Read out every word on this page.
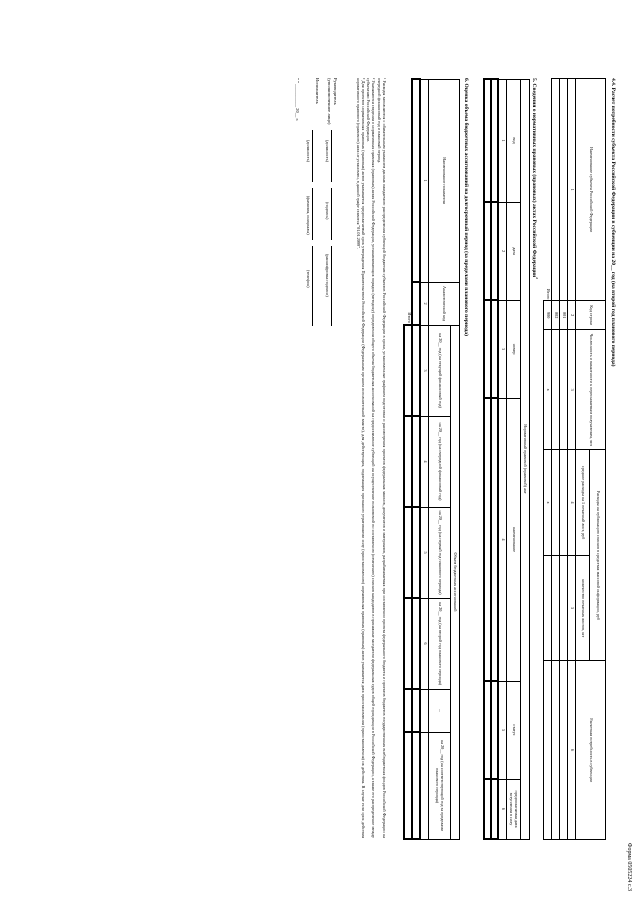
Форма 0505224 с.3
4.4. Расчет потребности субъекта Российской Федерации в субвенции на 20__ год (на второй год планового периода)
Наименование субъекта Российской Федерации	Код строки	Численность и вакантности к пересылаемым получателям, чел	Расходы на публикацию списков в средствах массовой информации, руб		Расчетная потребность в субвенции
			средние расходы на 1 печатный лист, руб	количество печатных листов, шт	
1	2	3	4	5	6
	001				
	002				
Итого	900	x	x		
5. Сведения о нормативных правовых (правовых) актах Российской Федерации$^2$
Нормативный правовой (правовой) акт					
вид	дата	номер	наименование	статус	предполагаемая дата вступления в силу
1	2	3	4	5	6

6. Оценка объема бюджетных ассигнований на долгосрочный период (за пределами планового периода)
Наименование показателя	Аналитический код	Объем бюджетных ассигнований					
		на 20__ год (на текущий финансовый год)	на 20__ год (на очередной финансовый год)	на 20__ год (на первый год планового периода)	на 20__ год (на второй год планового периода)	...	на 20__ год (на соответствующий год за пределами планового периода)
1	2	3	4	5	6		

Итого							
¹ Расходы заполняются с обязательным указанием данных ожидаемого распределения субвенций бюджетам субъектов Российской Федерации в сроки, установленные графиком подготовки и рассмотрения проектов федеральных законов, документов и материалов, разрабатываемых при составлении проекта федерального бюджета и проектов бюджетов государственных внебюджетных фондов Российской Федерации на очередной финансовый год и плановый период.
² Указываются сведения о нормативных правовых (правовых) актах Российской Федерации, устанавливающих порядок (методику) определения общего объема бюджетных ассигнований на предоставление субвенций на осуществление полномочий по составлению (изменению) списков кандидатов в присяжные заседатели федеральных судов общей юрисдикции в Российской Федерации, а также его распределение между субъектами Российской Федерации.
³ Для проектов нормативных правовых (правовых) актов указывается предполагаемый срок утверждения Правительством Российской Федерации (Федеральным органом исполнительной власти), для действующих, подлежащих признанию утратившими силу (приостановлению) нормативных правовых (правовых) актов указывается дата приостановления (приостановления) их действия. В случае если срок действия нормативного правового (правового) акта не установлен, в данной графе ставится "01.01.2099".
Руководитель (уполномоченное лицо)
(должность)
(подпись)
(расшифровка подписи)
Исполнитель
(должность)
(фамилия, инициалы)
(телефон)
" " __________ 20__ г.
